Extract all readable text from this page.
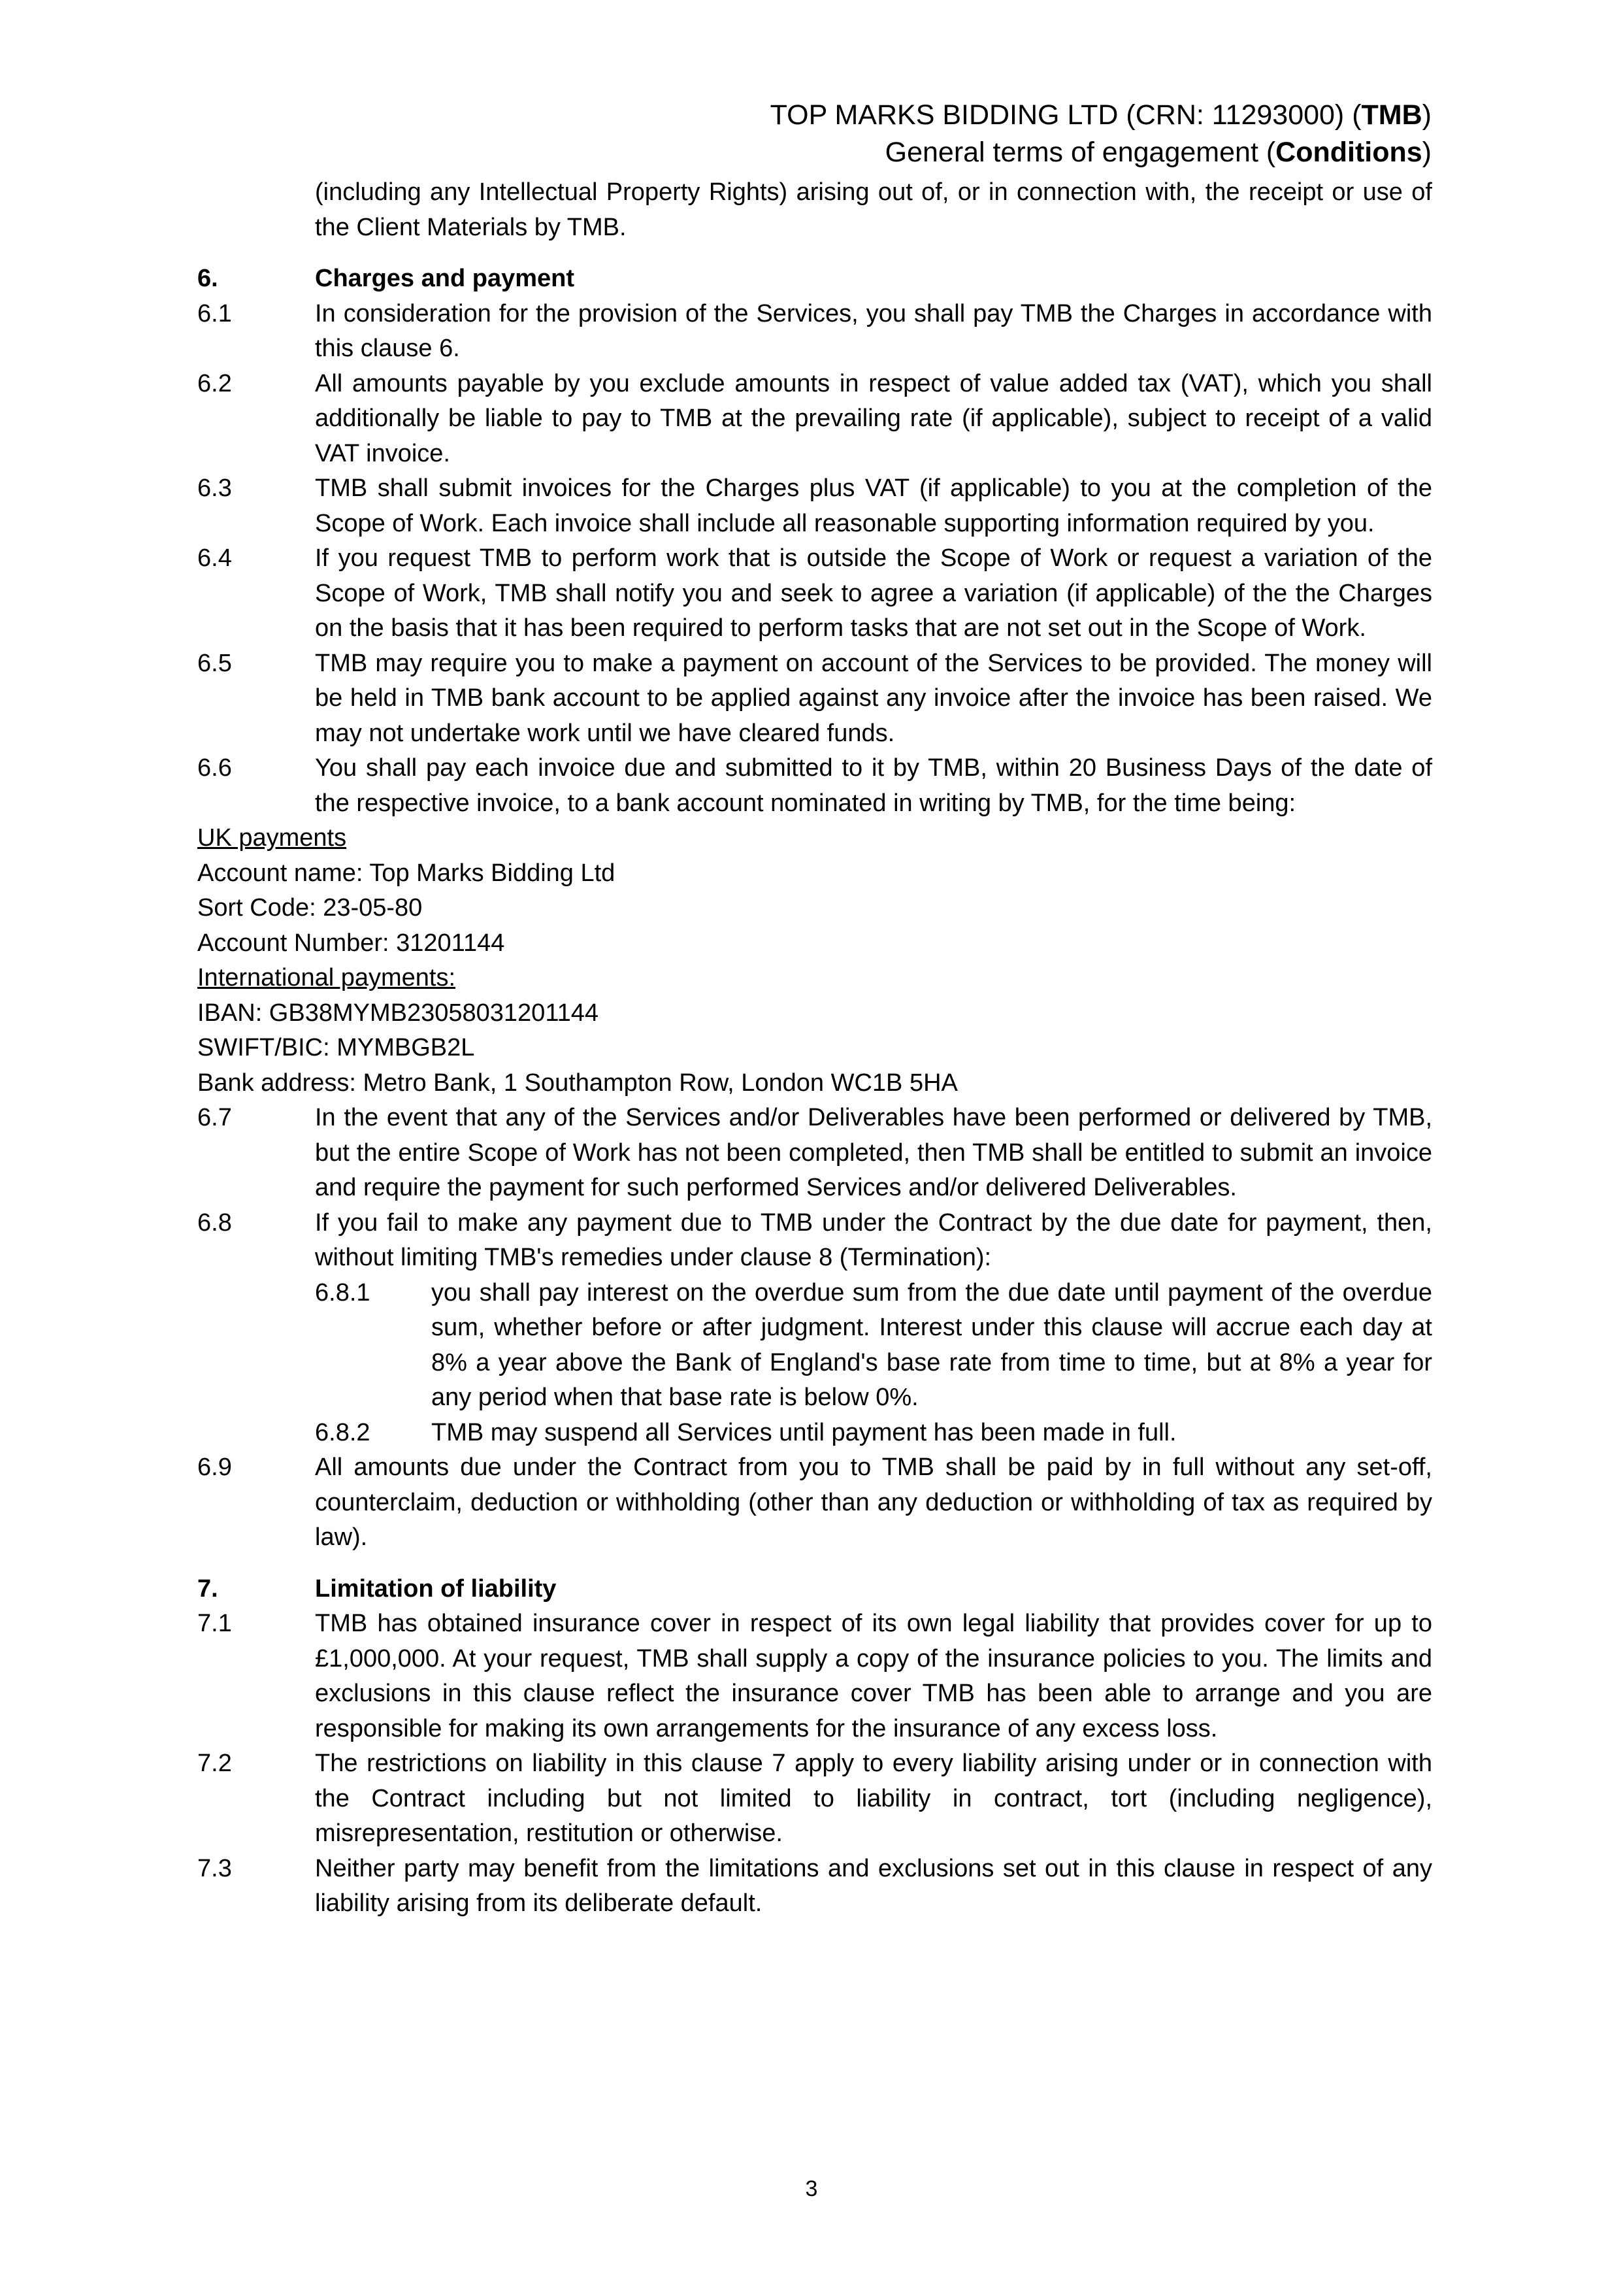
TOP MARKS BIDDING LTD (CRN: 11293000) (TMB)
General terms of engagement (Conditions)

(including any Intellectual Property Rights) arising out of, or in connection with, the receipt or use of the Client Materials by TMB.

6.	Charges and payment
6.1	In consideration for the provision of the Services, you shall pay TMB the Charges in accordance with this clause 6.

6.2	All amounts payable by you exclude amounts in respect of value added tax (VAT), which you shall additionally be liable to pay to TMB at the prevailing rate (if applicable), subject to receipt of a valid VAT invoice.

6.3	TMB shall submit invoices for the Charges plus VAT (if applicable) to you at the completion of the Scope of Work. Each invoice shall include all reasonable supporting information required by you.

6.4	If you request TMB to perform work that is outside the Scope of Work or request a variation of the Scope of Work, TMB shall notify you and seek to agree a variation (if applicable) of the the Charges on the basis that it has been required to perform tasks that are not set out in the Scope of Work.

6.5	TMB may require you to make a payment on account of the Services to be provided. The money will be held in TMB bank account to be applied against any invoice after the invoice has been raised. We may not undertake work until we have cleared funds.

6.6	You shall pay each invoice due and submitted to it by TMB, within 20 Business Days of the date of the respective invoice, to a bank account nominated in writing by TMB, for the time being:

UK payments

Account name: Top Marks Bidding Ltd

Sort Code: 23-05-80

Account Number: 31201144

International payments:

IBAN: GB38MYMB23058031201144

SWIFT/BIC: MYMBGB2L

Bank address: Metro Bank, 1 Southampton Row, London WC1B 5HA

6.7	In the event that any of the Services and/or Deliverables have been performed or delivered by TMB, but the entire Scope of Work has not been completed, then TMB shall be entitled to submit an invoice and require the payment for such performed Services and/or delivered Deliverables.

6.8	If you fail to make any payment due to TMB under the Contract by the due date for payment, then, without limiting TMB's remedies under clause 8 (Termination):

6.8.1	you shall pay interest on the overdue sum from the due date until payment of the overdue sum, whether before or after judgment. Interest under this clause will accrue each day at 8% a year above the Bank of England's base rate from time to time, but at 8% a year for any period when that base rate is below 0%.

6.8.2	TMB may suspend all Services until payment has been made in full.

6.9	All amounts due under the Contract from you to TMB shall be paid by in full without any set-off, counterclaim, deduction or withholding (other than any deduction or withholding of tax as required by law).

7.	Limitation of liability
7.1	TMB has obtained insurance cover in respect of its own legal liability that provides cover for up to £1,000,000. At your request, TMB shall supply a copy of the insurance policies to you. The limits and exclusions in this clause reflect the insurance cover TMB has been able to arrange and you are responsible for making its own arrangements for the insurance of any excess loss.

7.2	The restrictions on liability in this clause 7 apply to every liability arising under or in connection with the Contract including but not limited to liability in contract, tort (including negligence), misrepresentation, restitution or otherwise.

7.3	Neither party may benefit from the limitations and exclusions set out in this clause in respect of any liability arising from its deliberate default.

3
